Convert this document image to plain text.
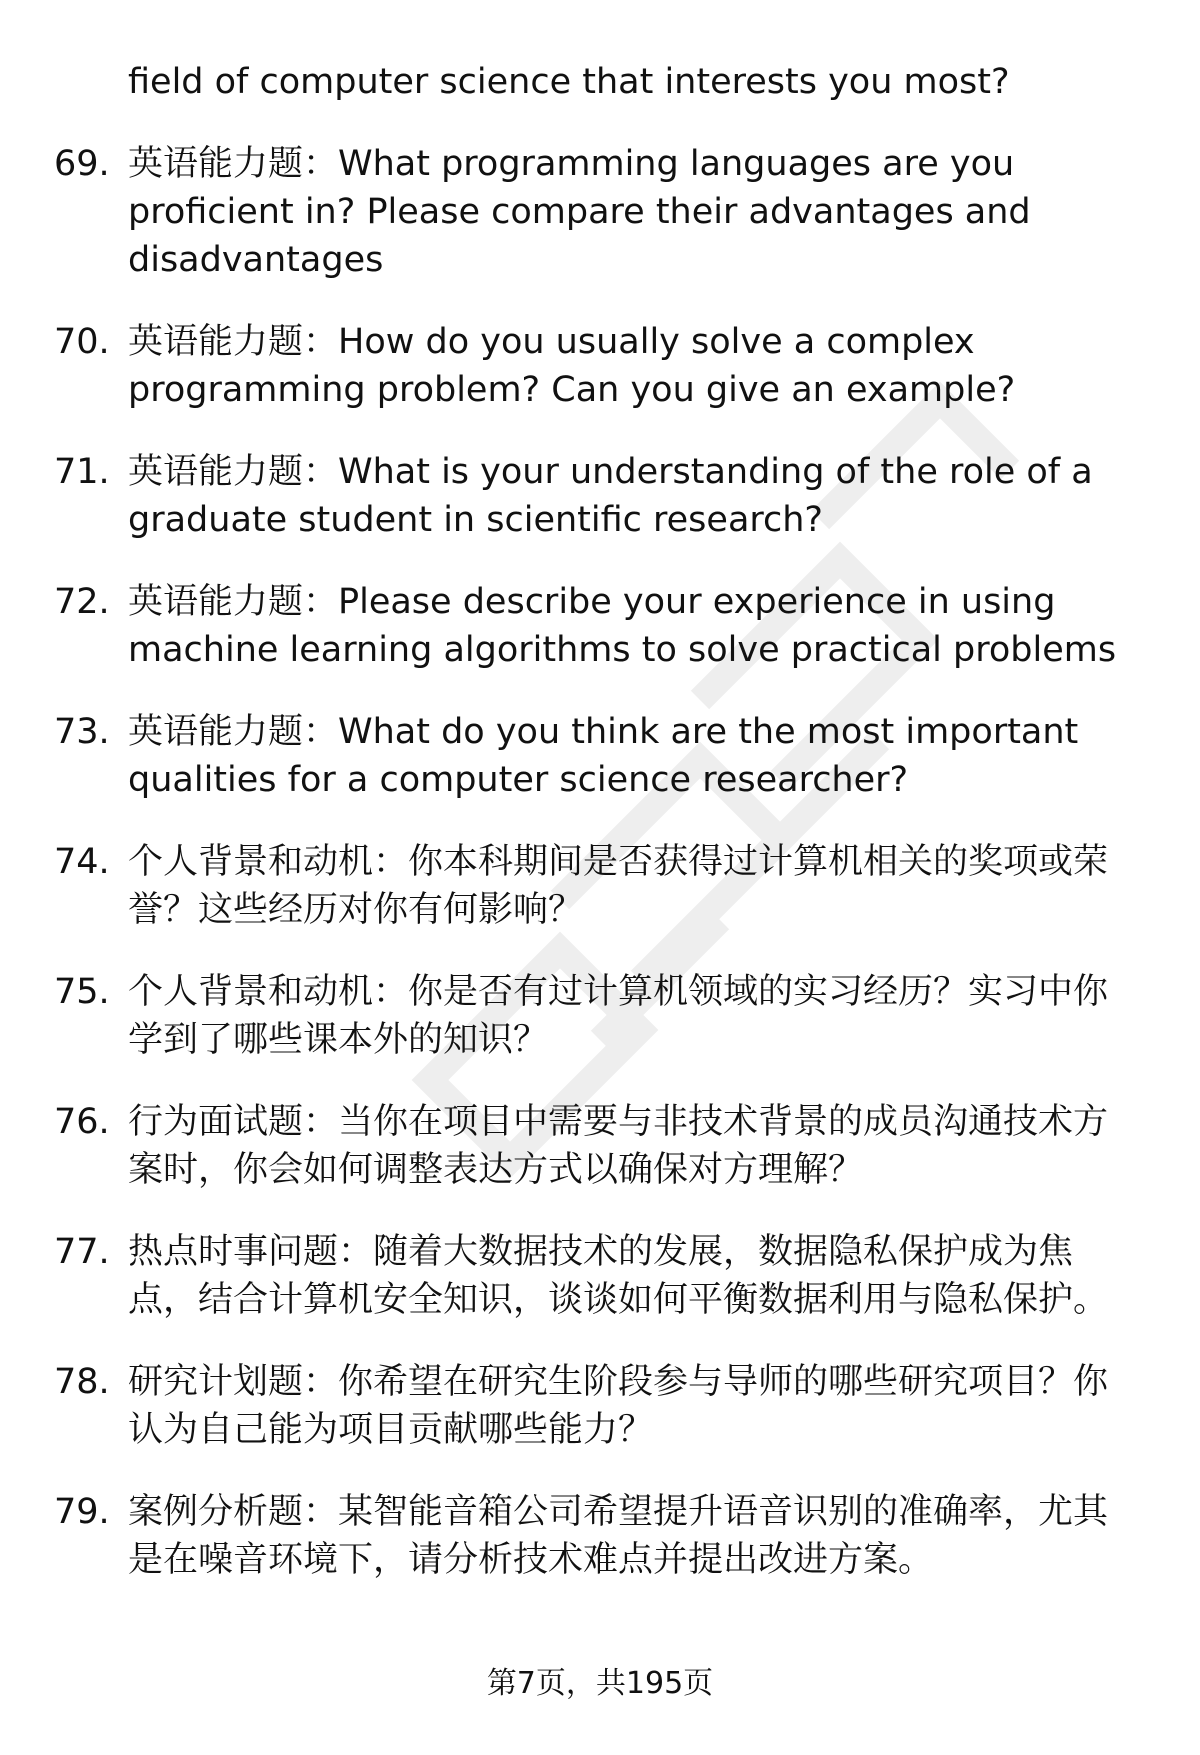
field of computer science that interests you most?
69. 英语能力题：What programming languages are you proficient in? Please compare their advantages and disadvantages
70. 英语能力题：How do you usually solve a complex programming problem? Can you give an example?
71. 英语能力题：What is your understanding of the role of a graduate student in scientific research?
72. 英语能力题：Please describe your experience in using machine learning algorithms to solve practical problems
73. 英语能力题：What do you think are the most important qualities for a computer science researcher?
74. 个人背景和动机：你本科期间是否获得过计算机相关的奖项或荣誉？这些经历对你有何影响？
75. 个人背景和动机：你是否有过计算机领域的实习经历？实习中你学到了哪些课本外的知识？
76. 行为面试题：当你在项目中需要与非技术背景的成员沟通技术方案时，你会如何调整表达方式以确保对方理解？
77. 热点时事问题：随着大数据技术的发展，数据隐私保护成为焦点，结合计算机安全知识，谈谈如何平衡数据利用与隐私保护。
78. 研究计划题：你希望在研究生阶段参与导师的哪些研究项目？你认为自己能为项目贡献哪些能力？
79. 案例分析题：某智能音箱公司希望提升语音识别的准确率，尤其是在噪音环境下，请分析技术难点并提出改进方案。
第7页，共195页
